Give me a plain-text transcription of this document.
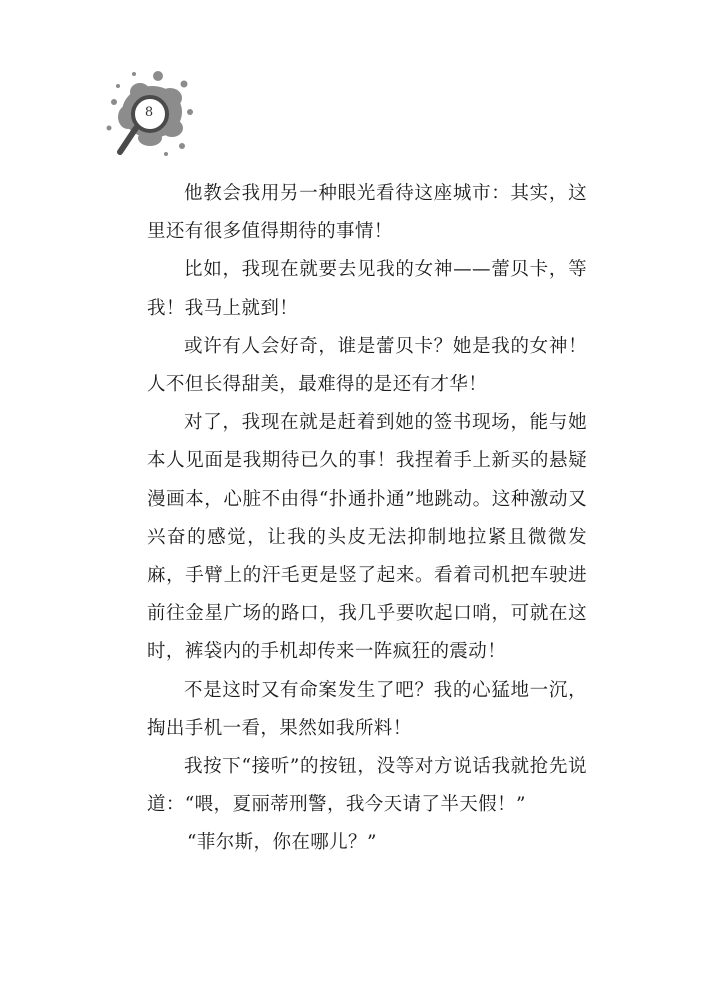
8

他教会我用另一种眼光看待这座城市：其实，这里还有很多值得期待的事情！

比如，我现在就要去见我的女神——蕾贝卡，等我！我马上就到！

或许有人会好奇，谁是蕾贝卡？她是我的女神！人不但长得甜美，最难得的是还有才华！

对了，我现在就是赶着到她的签书现场，能与她本人见面是我期待已久的事！我捏着手上新买的悬疑漫画本，心脏不由得“扑通扑通”地跳动。这种激动又兴奋的感觉，让我的头皮无法抑制地拉紧且微微发麻，手臂上的汗毛更是竖了起来。看着司机把车驶进前往金星广场的路口，我几乎要吹起口哨，可就在这时，裤袋内的手机却传来一阵疯狂的震动！

不是这时又有命案发生了吧？我的心猛地一沉，掏出手机一看，果然如我所料！

我按下“接听”的按钮，没等对方说话我就抢先说道：“喂，夏丽蒂刑警，我今天请了半天假！”

“菲尔斯，你在哪儿？”
